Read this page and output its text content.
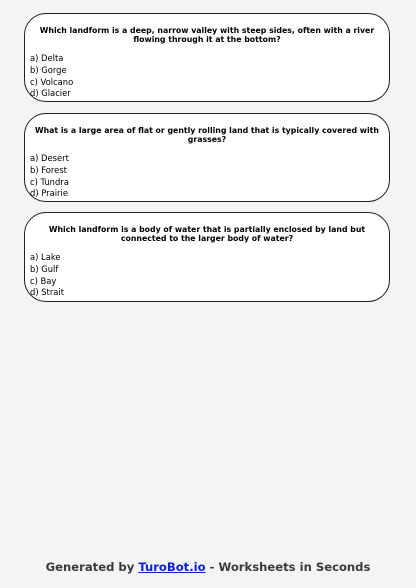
Which landform is a deep, narrow valley with steep sides, often with a river flowing through it at the bottom?
a) Delta
b) Gorge
c) Volcano
d) Glacier
What is a large area of flat or gently rolling land that is typically covered with grasses?
a) Desert
b) Forest
c) Tundra
d) Prairie
Which landform is a body of water that is partially enclosed by land but connected to the larger body of water?
a) Lake
b) Gulf
c) Bay
d) Strait
Generated by TuroBot.io - Worksheets in Seconds
